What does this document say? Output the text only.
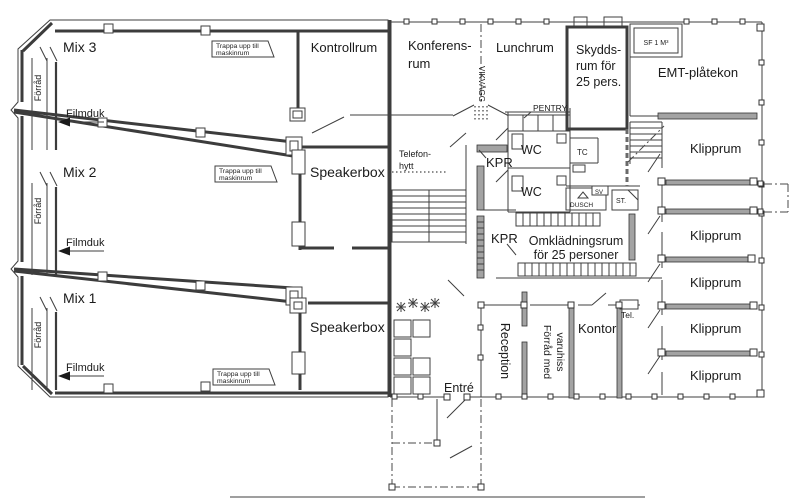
Mix 3
Mix 2
Mix 1
Förråd
Förråd
Förråd
Filmduk
Filmduk
Filmduk
Trappa upp till
maskinrum
Trappa upp till
maskinrum
Trappa upp till
maskinrum
Kontrollrum Konferens-
rum
Lunchrum
VIKVÄGG
Skydds-
rum för
25 pers.
SF 1 M³
EMT-plåtekon
PENTRY
WC
WC
KPR
KPR
TC
DUSCH
SV
ST.
Omklädningsrum
för 25 personer
Telefon-
hytt
Speakerbox
Speakerbox
Entré
Reception	Förråd med varuhiss
Kontor
Tel.
Klipprum
Klipprum
Klipprum
Klipprum
Klipprum
